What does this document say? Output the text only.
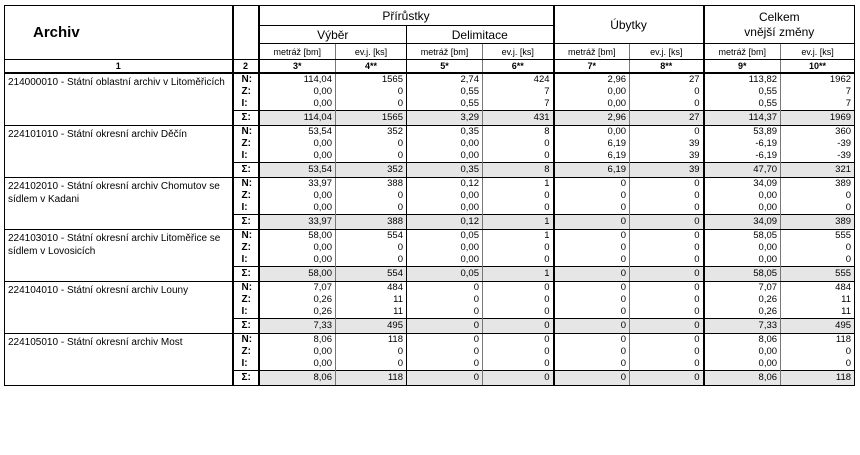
Archiv		Přírůstky				Úbytky		Celkem
vnější změny	
		Výběr		Delimitace					
		metráž [bm]	ev.j. [ks]	metráž [bm]	ev.j. [ks]	metráž [bm]	ev.j. [ks]	metráž [bm]	ev.j. [ks]
1	2	3*	4**	5*	6**	7*	8**	9*	10**
214000010 - Státní oblastní archiv v Litoměřicích	N:	114,04	1565	2,74	424	2,96	27	113,82	1962
	Z:	0,00	0	0,55	7	0,00	0	0,55	7
	I:	0,00	0	0,55	7	0,00	0	0,55	7
	Σ:	114,04	1565	3,29	431	2,96	27	114,37	1969
224101010 - Státní okresní archiv Děčín	N:	53,54	352	0,35	8	0,00	0	53,89	360
	Z:	0,00	0	0,00	0	6,19	39	-6,19	-39
	I:	0,00	0	0,00	0	6,19	39	-6,19	-39
	Σ:	53,54	352	0,35	8	6,19	39	47,70	321
224102010 - Státní okresní archiv Chomutov se sídlem v Kadani	N:	33,97	388	0,12	1	0	0	34,09	389
	Z:	0,00	0	0,00	0	0	0	0,00	0
	I:	0,00	0	0,00	0	0	0	0,00	0
	Σ:	33,97	388	0,12	1	0	0	34,09	389
224103010 - Státní okresní archiv Litoměřice se sídlem v Lovosicích	N:	58,00	554	0,05	1	0	0	58,05	555
	Z:	0,00	0	0,00	0	0	0	0,00	0
	I:	0,00	0	0,00	0	0	0	0,00	0
	Σ:	58,00	554	0,05	1	0	0	58,05	555
224104010 - Státní okresní archiv Louny	N:	7,07	484	0	0	0	0	7,07	484
	Z:	0,26	11	0	0	0	0	0,26	11
	I:	0,26	11	0	0	0	0	0,26	11
	Σ:	7,33	495	0	0	0	0	7,33	495
224105010 - Státní okresní archiv Most	N:	8,06	118	0	0	0	0	8,06	118
	Z:	0,00	0	0	0	0	0	0,00	0
	I:	0,00	0	0	0	0	0	0,00	0
	Σ:	8,06	118	0	0	0	0	8,06	118
